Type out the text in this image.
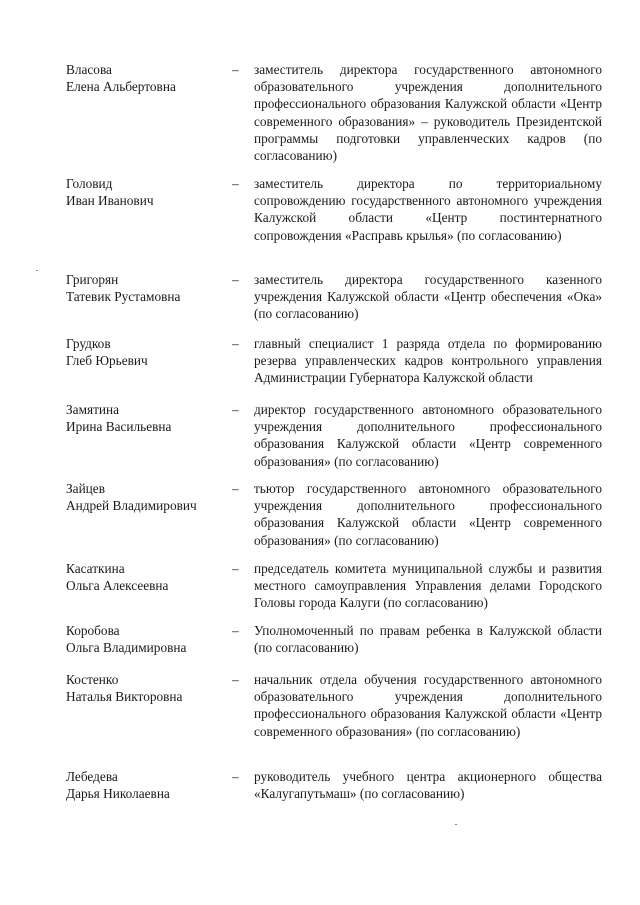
Власова
Елена Альбертовна
– заместитель директора государственного автономного образовательного учреждения дополнительного профессионального образования Калужской области «Центр современного образования» – руководитель Президентской программы подготовки управленческих кадров (по согласованию)
Головид
Иван Иванович
– заместитель директора по территориальному сопровождению государственного автономного учреждения Калужской области «Центр постинтернатного сопровождения «Расправь крылья» (по согласованию)
Григорян
Татевик Рустамовна
– заместитель директора государственного казенного учреждения Калужской области «Центр обеспечения «Ока» (по согласованию)
Грудков
Глеб Юрьевич
– главный специалист 1 разряда отдела по формированию резерва управленческих кадров контрольного управления Администрации Губернатора Калужской области
Замятина
Ирина Васильевна
– директор государственного автономного образовательного учреждения дополнительного профессионального образования Калужской области «Центр современного образования» (по согласованию)
Зайцев
Андрей Владимирович
– тьютор государственного автономного образовательного учреждения дополнительного профессионального образования Калужской области «Центр современного образования» (по согласованию)
Касаткина
Ольга Алексеевна
– председатель комитета муниципальной службы и развития местного самоуправления Управления делами Городского Головы города Калуги (по согласованию)
Коробова
Ольга Владимировна
– Уполномоченный по правам ребенка в Калужской области (по согласованию)
Костенко
Наталья Викторовна
– начальник отдела обучения государственного автономного образовательного учреждения дополнительного профессионального образования Калужской области «Центр современного образования» (по согласованию)
Лебедева
Дарья Николаевна
– руководитель учебного центра акционерного общества «Калугапутьмаш» (по согласованию)
